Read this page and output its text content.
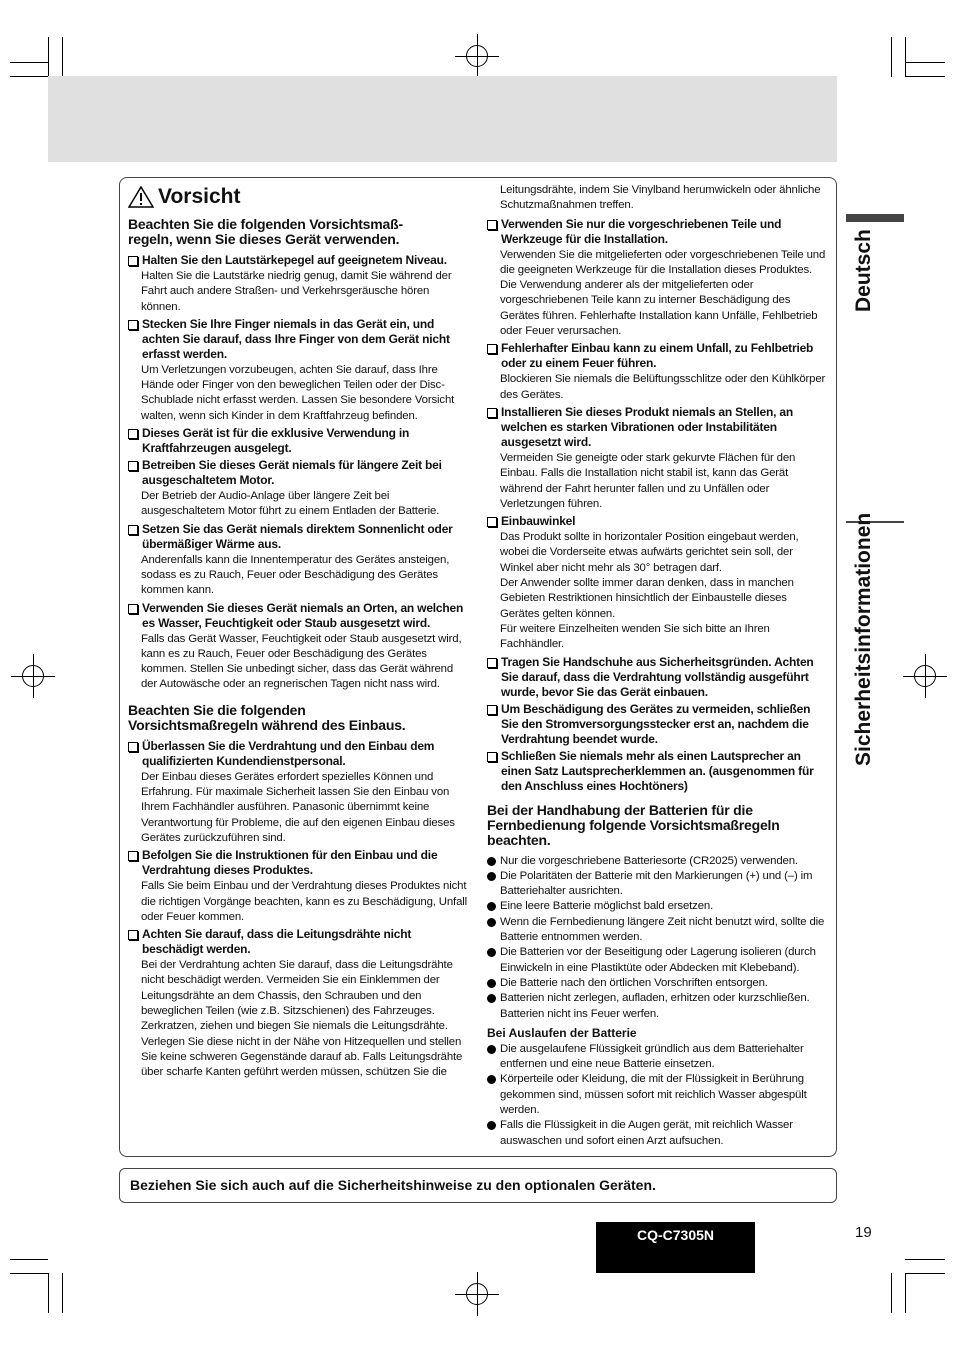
Vorsicht
Beachten Sie die folgenden Vorsichtsmaß-
regeln, wenn Sie dieses Gerät verwenden.
Halten Sie den Lautstärkepegel auf geeignetem Niveau.
Halten Sie die Lautstärke niedrig genug, damit Sie während der Fahrt auch andere Straßen- und Verkehrsgeräusche hören können.
Stecken Sie Ihre Finger niemals in das Gerät ein, und achten Sie darauf, dass Ihre Finger von dem Gerät nicht erfasst werden.
Um Verletzungen vorzubeugen, achten Sie darauf, dass Ihre Hände oder Finger von den beweglichen Teilen oder der Disc-Schublade nicht erfasst werden. Lassen Sie besondere Vorsicht walten, wenn sich Kinder in dem Kraftfahrzeug befinden.
Dieses Gerät ist für die exklusive Verwendung in Kraftfahrzeugen ausgelegt.
Betreiben Sie dieses Gerät niemals für längere Zeit bei ausgeschaltetem Motor.
Der Betrieb der Audio-Anlage über längere Zeit bei ausgeschaltetem Motor führt zu einem Entladen der Batterie.
Setzen Sie das Gerät niemals direktem Sonnenlicht oder übermäßiger Wärme aus.
Anderenfalls kann die Innentemperatur des Gerätes ansteigen, sodass es zu Rauch, Feuer oder Beschädigung des Gerätes kommen kann.
Verwenden Sie dieses Gerät niemals an Orten, an welchen es Wasser, Feuchtigkeit oder Staub ausgesetzt wird.
Falls das Gerät Wasser, Feuchtigkeit oder Staub ausgesetzt wird, kann es zu Rauch, Feuer oder Beschädigung des Gerätes kommen. Stellen Sie unbedingt sicher, dass das Gerät während der Autowäsche oder an regnerischen Tagen nicht nass wird.
Beachten Sie die folgenden
Vorsichtsmaßregeln während des Einbaus.
Überlassen Sie die Verdrahtung und den Einbau dem qualifizierten Kundendienstpersonal.
Der Einbau dieses Gerätes erfordert spezielles Können und Erfahrung. Für maximale Sicherheit lassen Sie den Einbau von Ihrem Fachhändler ausführen. Panasonic übernimmt keine Verantwortung für Probleme, die auf den eigenen Einbau dieses Gerätes zurückzuführen sind.
Befolgen Sie die Instruktionen für den Einbau und die Verdrahtung dieses Produktes.
Falls Sie beim Einbau und der Verdrahtung dieses Produktes nicht die richtigen Vorgänge beachten, kann es zu Beschädigung, Unfall oder Feuer kommen.
Achten Sie darauf, dass die Leitungsdrähte nicht beschädigt werden.
Bei der Verdrahtung achten Sie darauf, dass die Leitungsdrähte nicht beschädigt werden. Vermeiden Sie ein Einklemmen der Leitungsdrähte an dem Chassis, den Schrauben und den beweglichen Teilen (wie z.B. Sitzschienen) des Fahrzeuges. Zerkratzen, ziehen und biegen Sie niemals die Leitungsdrähte. Verlegen Sie diese nicht in der Nähe von Hitzequellen und stellen Sie keine schweren Gegenstände darauf ab. Falls Leitungsdrähte über scharfe Kanten geführt werden müssen, schützen Sie die
Leitungsdrähte, indem Sie Vinylband herumwickeln oder ähnliche Schutzmaßnahmen treffen.
Verwenden Sie nur die vorgeschriebenen Teile und Werkzeuge für die Installation.
Verwenden Sie die mitgelieferten oder vorgeschriebenen Teile und die geeigneten Werkzeuge für die Installation dieses Produktes. Die Verwendung anderer als der mitgelieferten oder vorgeschriebenen Teile kann zu interner Beschädigung des Gerätes führen. Fehlerhafte Installation kann Unfälle, Fehlbetrieb oder Feuer verursachen.
Fehlerhafter Einbau kann zu einem Unfall, zu Fehlbetrieb oder zu einem Feuer führen.
Blockieren Sie niemals die Belüftungsschlitze oder den Kühlkörper des Gerätes.
Installieren Sie dieses Produkt niemals an Stellen, an welchen es starken Vibrationen oder Instabilitäten ausgesetzt wird.
Vermeiden Sie geneigte oder stark gekurvte Flächen für den Einbau. Falls die Installation nicht stabil ist, kann das Gerät während der Fahrt herunter fallen und zu Unfällen oder Verletzungen führen.
Einbauwinkel
Das Produkt sollte in horizontaler Position eingebaut werden, wobei die Vorderseite etwas aufwärts gerichtet sein soll, der Winkel aber nicht mehr als 30° betragen darf.
Der Anwender sollte immer daran denken, dass in manchen Gebieten Restriktionen hinsichtlich der Einbaustelle dieses Gerätes gelten können.
Für weitere Einzelheiten wenden Sie sich bitte an Ihren Fachhändler.
Tragen Sie Handschuhe aus Sicherheitsgründen. Achten Sie darauf, dass die Verdrahtung vollständig ausgeführt wurde, bevor Sie das Gerät einbauen.
Um Beschädigung des Gerätes zu vermeiden, schließen Sie den Stromversorgungsstecker erst an, nachdem die Verdrahtung beendet wurde.
Schließen Sie niemals mehr als einen Lautsprecher an einen Satz Lautsprecherklemmen an. (ausgenommen für den Anschluss eines Hochtöners)
Bei der Handhabung der Batterien für die
Fernbedienung folgende Vorsichtsmaßregeln beachten.
Nur die vorgeschriebene Batteriesorte (CR2025) verwenden.
Die Polaritäten der Batterie mit den Markierungen (+) und (–) im Batteriehalter ausrichten.
Eine leere Batterie möglichst bald ersetzen.
Wenn die Fernbedienung längere Zeit nicht benutzt wird, sollte die Batterie entnommen werden.
Die Batterien vor der Beseitigung oder Lagerung isolieren (durch Einwickeln in eine Plastiktüte oder Abdecken mit Klebeband).
Die Batterie nach den örtlichen Vorschriften entsorgen.
Batterien nicht zerlegen, aufladen, erhitzen oder kurzschließen. Batterien nicht ins Feuer werfen.
Bei Auslaufen der Batterie
Die ausgelaufene Flüssigkeit gründlich aus dem Batteriehalter entfernen und eine neue Batterie einsetzen.
Körperteile oder Kleidung, die mit der Flüssigkeit in Berührung gekommen sind, müssen sofort mit reichlich Wasser abgespült werden.
Falls die Flüssigkeit in die Augen gerät, mit reichlich Wasser auswaschen und sofort einen Arzt aufsuchen.
Beziehen Sie sich auch auf die Sicherheitshinweise zu den optionalen Geräten.
Deutsch
Sicherheitsinformationen
CQ-C7305N	19
